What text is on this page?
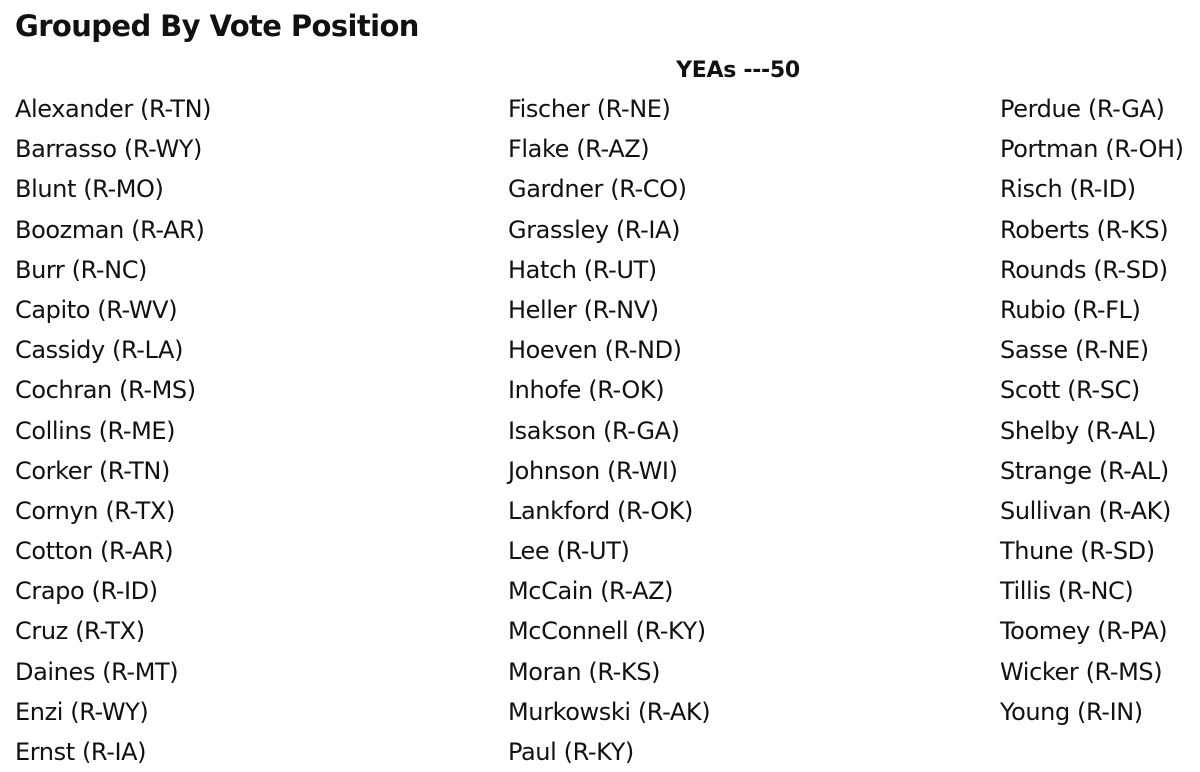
Grouped By Vote Position
YEAs ---50
Alexander (R-TN)
Barrasso (R-WY)
Blunt (R-MO)
Boozman (R-AR)
Burr (R-NC)
Capito (R-WV)
Cassidy (R-LA)
Cochran (R-MS)
Collins (R-ME)
Corker (R-TN)
Cornyn (R-TX)
Cotton (R-AR)
Crapo (R-ID)
Cruz (R-TX)
Daines (R-MT)
Enzi (R-WY)
Ernst (R-IA)
Fischer (R-NE)
Flake (R-AZ)
Gardner (R-CO)
Grassley (R-IA)
Hatch (R-UT)
Heller (R-NV)
Hoeven (R-ND)
Inhofe (R-OK)
Isakson (R-GA)
Johnson (R-WI)
Lankford (R-OK)
Lee (R-UT)
McCain (R-AZ)
McConnell (R-KY)
Moran (R-KS)
Murkowski (R-AK)
Paul (R-KY)
Perdue (R-GA)
Portman (R-OH)
Risch (R-ID)
Roberts (R-KS)
Rounds (R-SD)
Rubio (R-FL)
Sasse (R-NE)
Scott (R-SC)
Shelby (R-AL)
Strange (R-AL)
Sullivan (R-AK)
Thune (R-SD)
Tillis (R-NC)
Toomey (R-PA)
Wicker (R-MS)
Young (R-IN)
